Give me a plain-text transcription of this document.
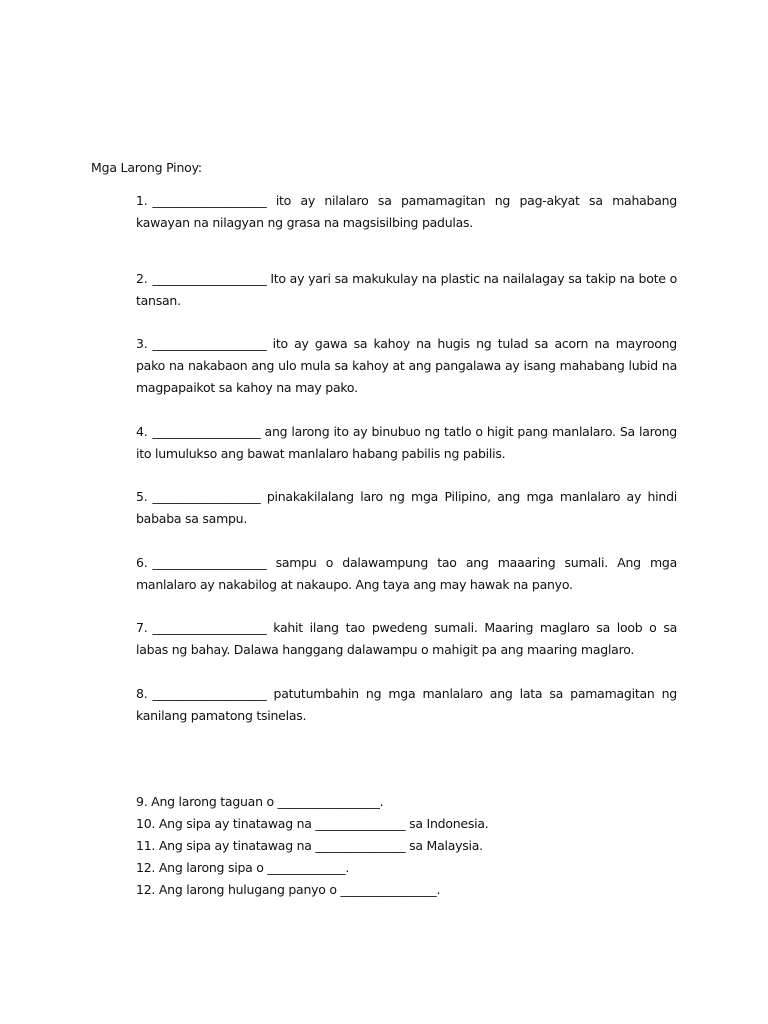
Mga Larong Pinoy:
1. ___________________ ito ay nilalaro sa pamamagitan ng pag-akyat sa mahabang kawayan na nilagyan ng grasa na magsisilbing padulas.
2. ___________________ Ito ay yari sa makukulay na plastic na nailalagay sa takip na bote o tansan.
3. ___________________ ito ay gawa sa kahoy na hugis ng tulad sa acorn na mayroong pako na nakabaon ang ulo mula sa kahoy at ang pangalawa ay isang mahabang lubid na magpapaikot sa kahoy na may pako.
4. __________________ ang larong ito ay binubuo ng tatlo o higit pang manlalaro. Sa larong ito lumulukso ang bawat manlalaro habang pabilis ng pabilis.
5. __________________ pinakakilalang laro ng mga Pilipino, ang mga manlalaro ay hindi bababa sa sampu.
6. ___________________ sampu o dalawampung tao ang maaaring sumali. Ang mga manlalaro ay nakabilog at nakaupo. Ang taya ang may hawak na panyo.
7. ___________________ kahit ilang tao pwedeng sumali. Maaring maglaro sa loob o sa labas ng bahay. Dalawa hanggang dalawampu o mahigit pa ang maaring maglaro.
8. ___________________ patutumbahin ng mga manlalaro ang lata sa pamamagitan ng kanilang pamatong tsinelas.
9. Ang larong taguan o _________________.
10. Ang sipa ay tinatawag na _______________ sa Indonesia.
11. Ang sipa ay tinatawag na _______________ sa Malaysia.
12. Ang larong sipa o _____________.
12. Ang larong hulugang panyo o ________________.
